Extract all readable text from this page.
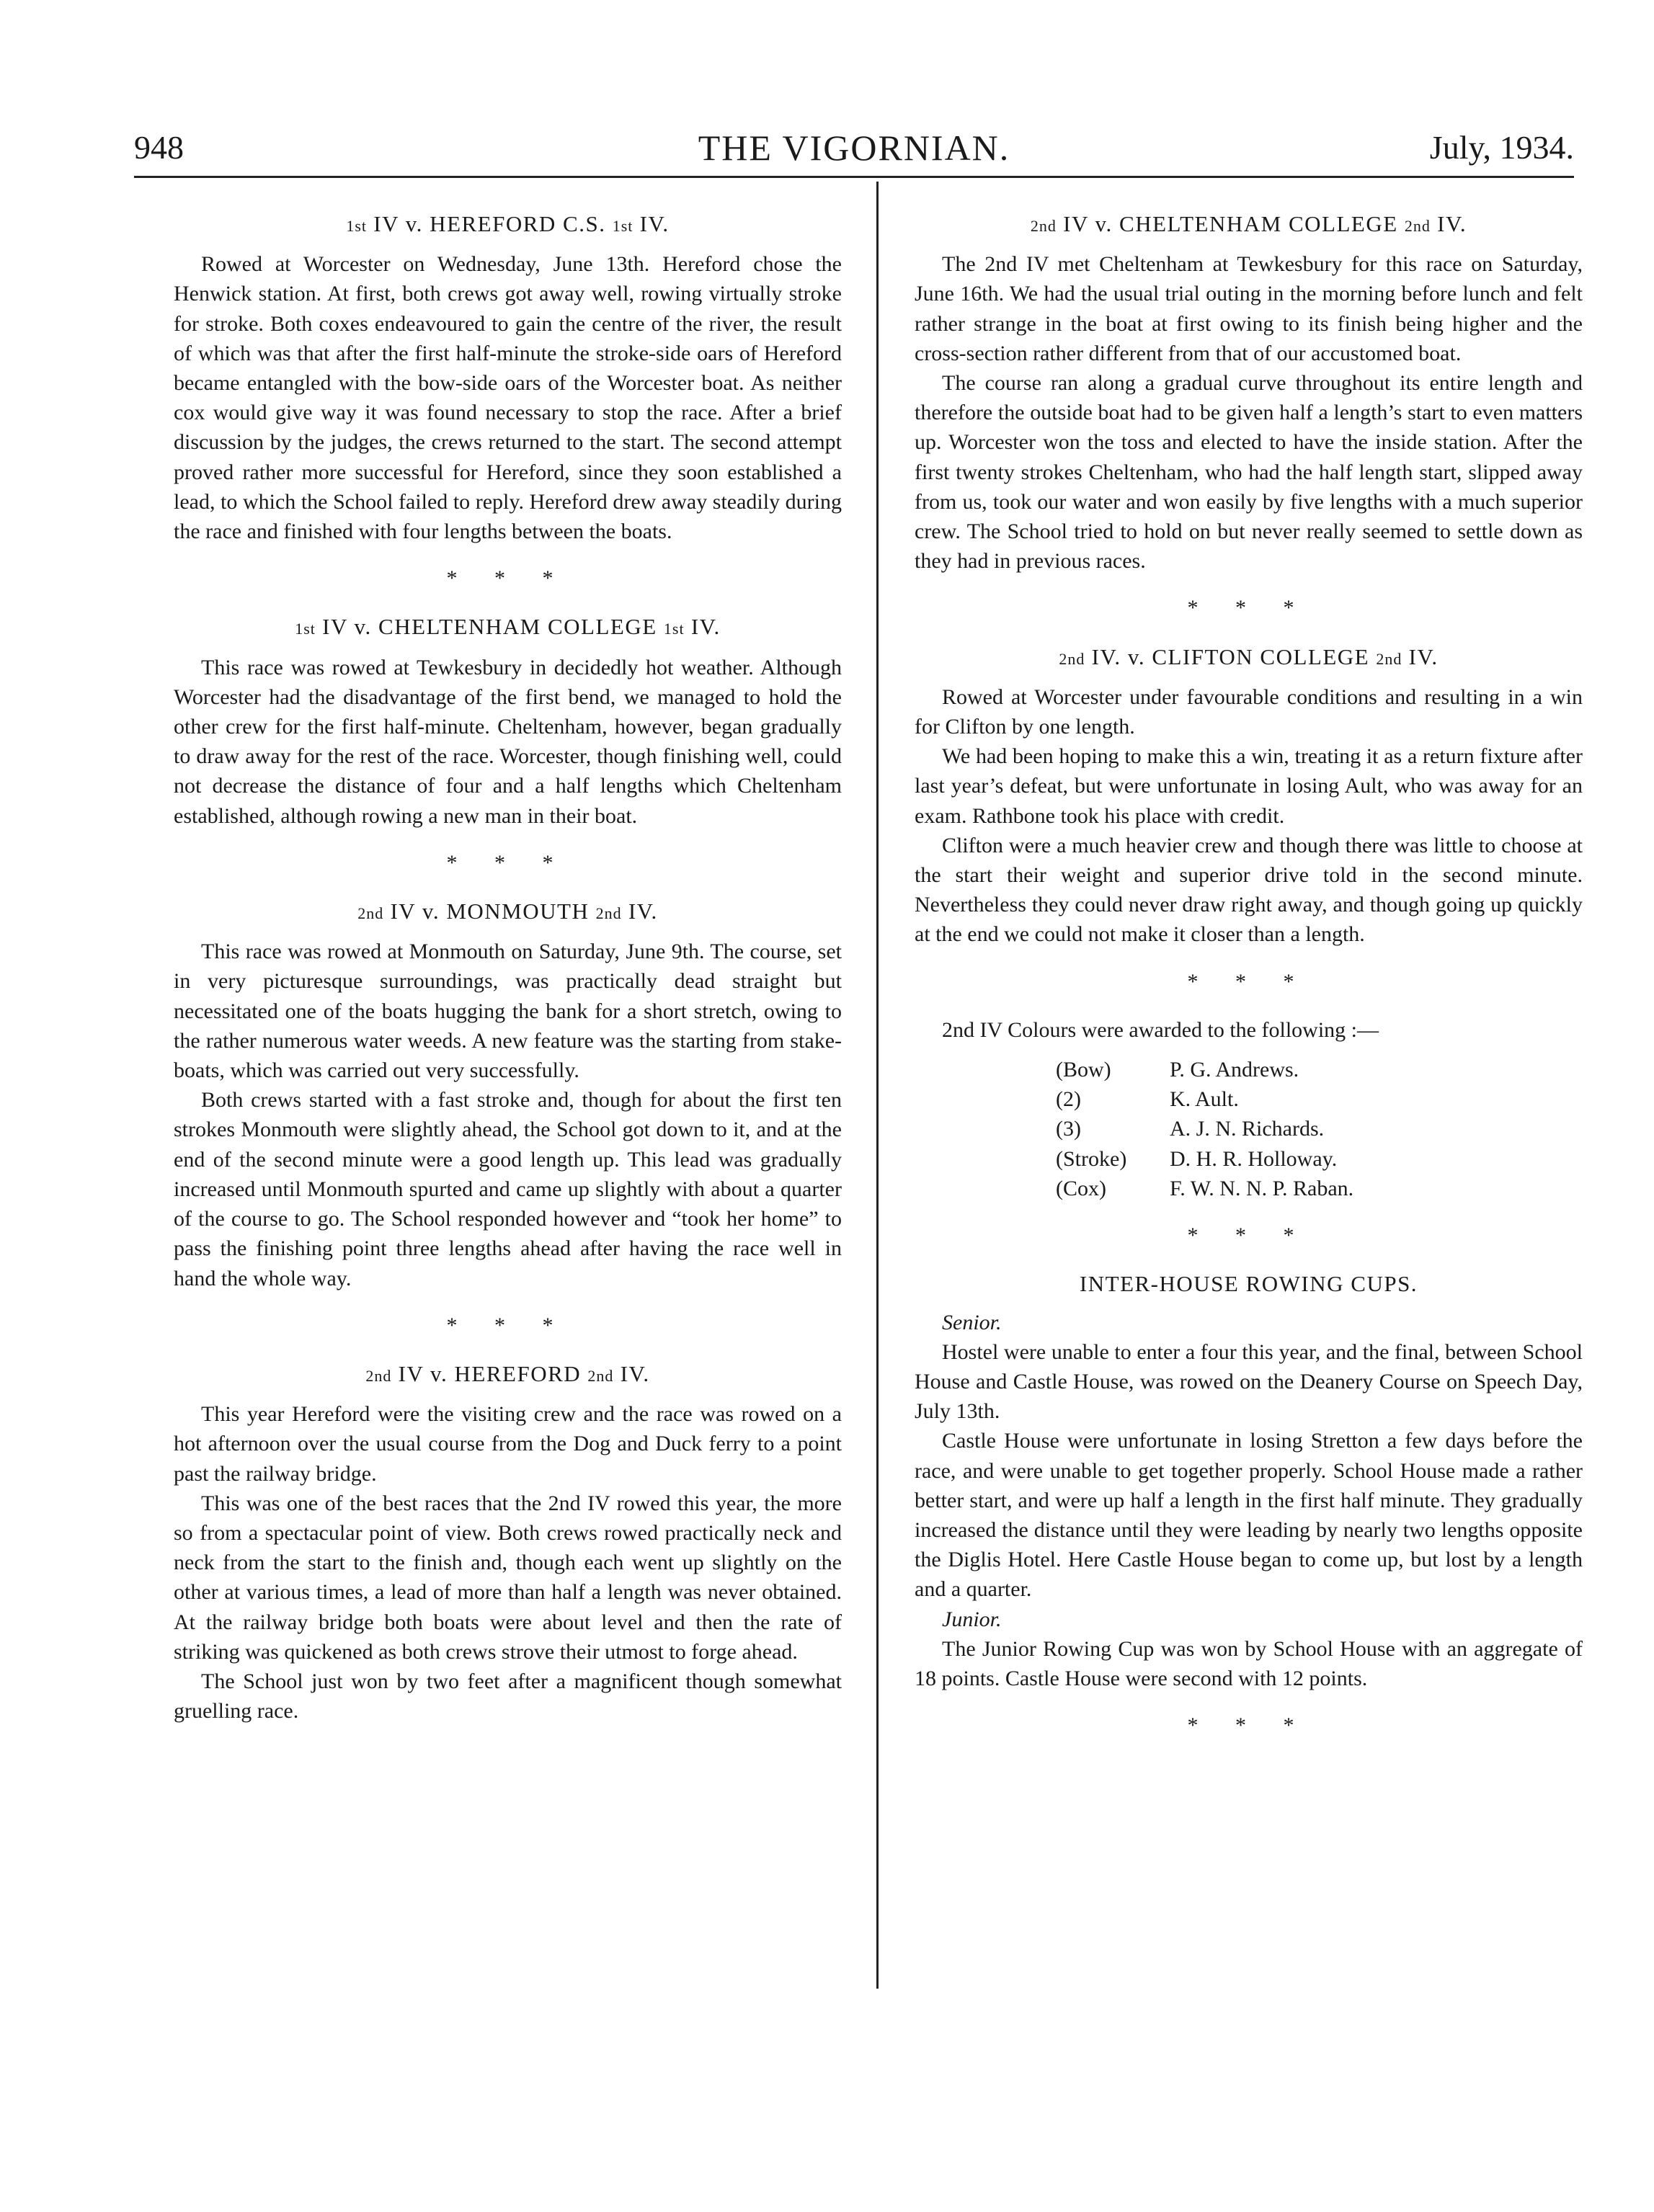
948	THE VIGORNIAN.	July, 1934.
1st IV v. HEREFORD C.S. 1st IV.

Rowed at Worcester on Wednesday, June 13th. Hereford chose the Henwick station. At first, both crews got away well, rowing virtually stroke for stroke. Both coxes endeavoured to gain the centre of the river, the result of which was that after the first half-minute the stroke-side oars of Hereford became entangled with the bow-side oars of the Worcester boat. As neither cox would give way it was found necessary to stop the race. After a brief discussion by the judges, the crews returned to the start. The second attempt proved rather more successful for Hereford, since they soon established a lead, to which the School failed to reply. Hereford drew away steadily during the race and finished with four lengths between the boats.

* * *
1st IV v. CHELTENHAM COLLEGE 1st IV.

This race was rowed at Tewkesbury in decidedly hot weather. Although Worcester had the disadvantage of the first bend, we managed to hold the other crew for the first half-minute. Cheltenham, however, began gradually to draw away for the rest of the race. Worcester, though finishing well, could not decrease the distance of four and a half lengths which Cheltenham established, although rowing a new man in their boat.

* * *
2nd IV v. MONMOUTH 2nd IV.

This race was rowed at Monmouth on Saturday, June 9th. The course, set in very picturesque surroundings, was practically dead straight but necessitated one of the boats hugging the bank for a short stretch, owing to the rather numerous water weeds. A new feature was the starting from stake-boats, which was carried out very successfully.

Both crews started with a fast stroke and, though for about the first ten strokes Monmouth were slightly ahead, the School got down to it, and at the end of the second minute were a good length up. This lead was gradually increased until Monmouth spurted and came up slightly with about a quarter of the course to go. The School responded however and “took her home” to pass the finishing point three lengths ahead after having the race well in hand the whole way.

* * *
2nd IV v. HEREFORD 2nd IV.

This year Hereford were the visiting crew and the race was rowed on a hot afternoon over the usual course from the Dog and Duck ferry to a point past the railway bridge.

This was one of the best races that the 2nd IV rowed this year, the more so from a spectacular point of view. Both crews rowed practically neck and neck from the start to the finish and, though each went up slightly on the other at various times, a lead of more than half a length was never obtained. At the railway bridge both boats were about level and then the rate of striking was quickened as both crews strove their utmost to forge ahead.

The School just won by two feet after a magnificent though somewhat gruelling race.

2nd IV v. CHELTENHAM COLLEGE 2nd IV.

The 2nd IV met Cheltenham at Tewkesbury for this race on Saturday, June 16th. We had the usual trial outing in the morning before lunch and felt rather strange in the boat at first owing to its finish being higher and the cross-section rather different from that of our accustomed boat.

The course ran along a gradual curve throughout its entire length and therefore the outside boat had to be given half a length’s start to even matters up. Worcester won the toss and elected to have the inside station. After the first twenty strokes Cheltenham, who had the half length start, slipped away from us, took our water and won easily by five lengths with a much superior crew. The School tried to hold on but never really seemed to settle down as they had in previous races.

* * *
2nd IV. v. CLIFTON COLLEGE 2nd IV.

Rowed at Worcester under favourable conditions and resulting in a win for Clifton by one length.

We had been hoping to make this a win, treating it as a return fixture after last year’s defeat, but were unfortunate in losing Ault, who was away for an exam. Rathbone took his place with credit.

Clifton were a much heavier crew and though there was little to choose at the start their weight and superior drive told in the second minute. Nevertheless they could never draw right away, and though going up quickly at the end we could not make it closer than a length.

* * *

2nd IV Colours were awarded to the following :—

(Bow)	P. G. Andrews.
(2)	K. Ault.
(3)	A. J. N. Richards.
(Stroke)	D. H. R. Holloway.
(Cox)	F. W. N. N. P. Raban.
* * *
INTER-HOUSE ROWING CUPS.

Senior.

Hostel were unable to enter a four this year, and the final, between School House and Castle House, was rowed on the Deanery Course on Speech Day, July 13th.

Castle House were unfortunate in losing Stretton a few days before the race, and were unable to get together properly. School House made a rather better start, and were up half a length in the first half minute. They gradually increased the distance until they were leading by nearly two lengths opposite the Diglis Hotel. Here Castle House began to come up, but lost by a length and a quarter.

Junior.

The Junior Rowing Cup was won by School House with an aggregate of 18 points. Castle House were second with 12 points.

* * *
